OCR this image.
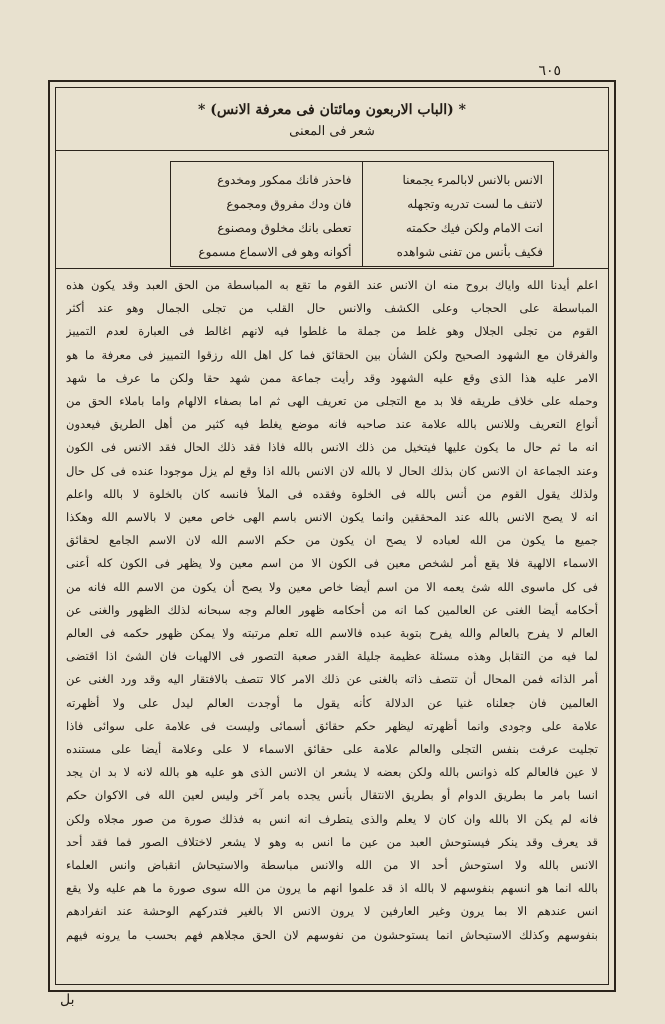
٦٠٥
* (الباب الاربعون ومائتان فى معرفة الانس) *
شعر فى المعنى
الانس بالانس لابالمرء يجمعنا
لاتنف ما لست تدريه وتجهله
انت الامام ولكن فيك حكمته
فكيف بأنس من تفنى شواهده
فاحذر فانك ممكور ومخدوع
فان ودك مفروق ومجموع
تعطى بانك مخلوق ومصنوع
أكوانه وهو فى الاسماع مسموع

اعلم أيدنا الله واياك بروح منه ان الانس عند القوم ما تقع به المباسطة من الحق العبد وقد يكون هذه

المباسطة على الحجاب وعلى الكشف والانس حال القلب من تجلى الجمال وهو عند أكثر

القوم من تجلى الجلال وهو غلط من جملة ما غلطوا فيه لانهم اغالط فى العبارة لعدم التمييز

والفرقان مع الشهود الصحيح ولكن الشأن بين الحقائق فما كل اهل الله رزقوا التمييز فى معرفة ما هو

الامر عليه هذا الذى وقع عليه الشهود وقد رأيت جماعة ممن شهد حقا ولكن ما عرف ما شهد

وحمله على خلاف طريقه فلا بد مع التجلى من تعريف الهى ثم اما بصفاء الالهام واما باملاء الحق من

أنواع التعريف وللانس بالله علامة عند صاحبه فانه موضع يغلط فيه كثير من أهل الطريق فيعدون

انه ما ثم حال ما يكون عليها فيتخيل من ذلك الانس بالله فاذا فقد ذلك الحال فقد الانس فى الكون

وعند الجماعة ان الانس كان بذلك الحال لا بالله لان الانس بالله اذا وقع لم يزل موجودا عنده فى كل حال

ولذلك يقول القوم من أنس بالله فى الخلوة وفقده فى الملأ فانسه كان بالخلوة لا بالله واعلم

انه لا يصح الانس بالله عند المحققين وانما يكون الانس باسم الهى خاص معين لا بالاسم الله وهكذا

جميع ما يكون من الله لعباده لا يصح ان يكون من حكم الاسم الله لان الاسم الجامع لحقائق

الاسماء الالهية فلا يقع أمر لشخص معين فى الكون الا من اسم معين ولا يظهر فى الكون كله أعنى

فى كل ماسوى الله شئ يعمه الا من اسم أيضا خاص معين ولا يصح أن يكون من الاسم الله فانه من

أحكامه أيضا الغنى عن العالمين كما انه من أحكامه ظهور العالم وجه سبحانه لذلك الظهور والغنى عن

العالم لا يفرح بالعالم والله يفرح بتوبة عبده فالاسم الله تعلم مرتبته ولا يمكن ظهور حكمه فى العالم

لما فيه من التقابل وهذه مسئلة عظيمة جليلة القدر صعبة التصور فى الالهيات فان الشئ اذا اقتضى

أمر الذاته فمن المحال أن تتصف ذاته بالغنى عن ذلك الامر كالا تتصف بالافتقار اليه وقد ورد الغنى عن

العالمين فان جعلناه غنيا عن الدلالة كأنه يقول ما أوجدت العالم ليدل على ولا أظهرته

علامة على وجودى وانما أظهرته ليظهر حكم حقائق أسمائى وليست فى علامة على سوائى فاذا

تجليت عرفت بنفس التجلى والعالم علامة على حقائق الاسماء لا على وعلامة أيضا على مستنده

لا عين فالعالم كله ذوانس بالله ولكن بعضه لا يشعر ان الانس الذى هو عليه هو بالله لانه لا بد ان يجد

انسا بامر ما بطريق الدوام أو بطريق الانتقال بأنس يجده بامر آخر وليس لعين الله فى الاكوان حكم

فانه لم يكن الا بالله وان كان لا يعلم والذى يتطرف انه انس به فذلك صورة من صور مجلاه ولكن

قد يعرف وقد ينكر فيستوحش العبد من عين ما انس به وهو لا يشعر لاختلاف الصور فما فقد أحد

الانس بالله ولا استوحش أحد الا من الله والانس مباسطة والاستيحاش انقباض وانس العلماء

بالله انما هو انسهم بنفوسهم لا بالله اذ قد علموا انهم ما يرون من الله سوى صورة ما هم عليه ولا يقع

انس عندهم الا بما يرون وغير العارفين لا يرون الانس الا بالغير فتدركهم الوحشة عند انفرادهم

بنفوسهم وكذلك الاستيحاش انما يستوحشون من نفوسهم لان الحق مجلاهم فهم بحسب ما يرونه فيهم

بل
